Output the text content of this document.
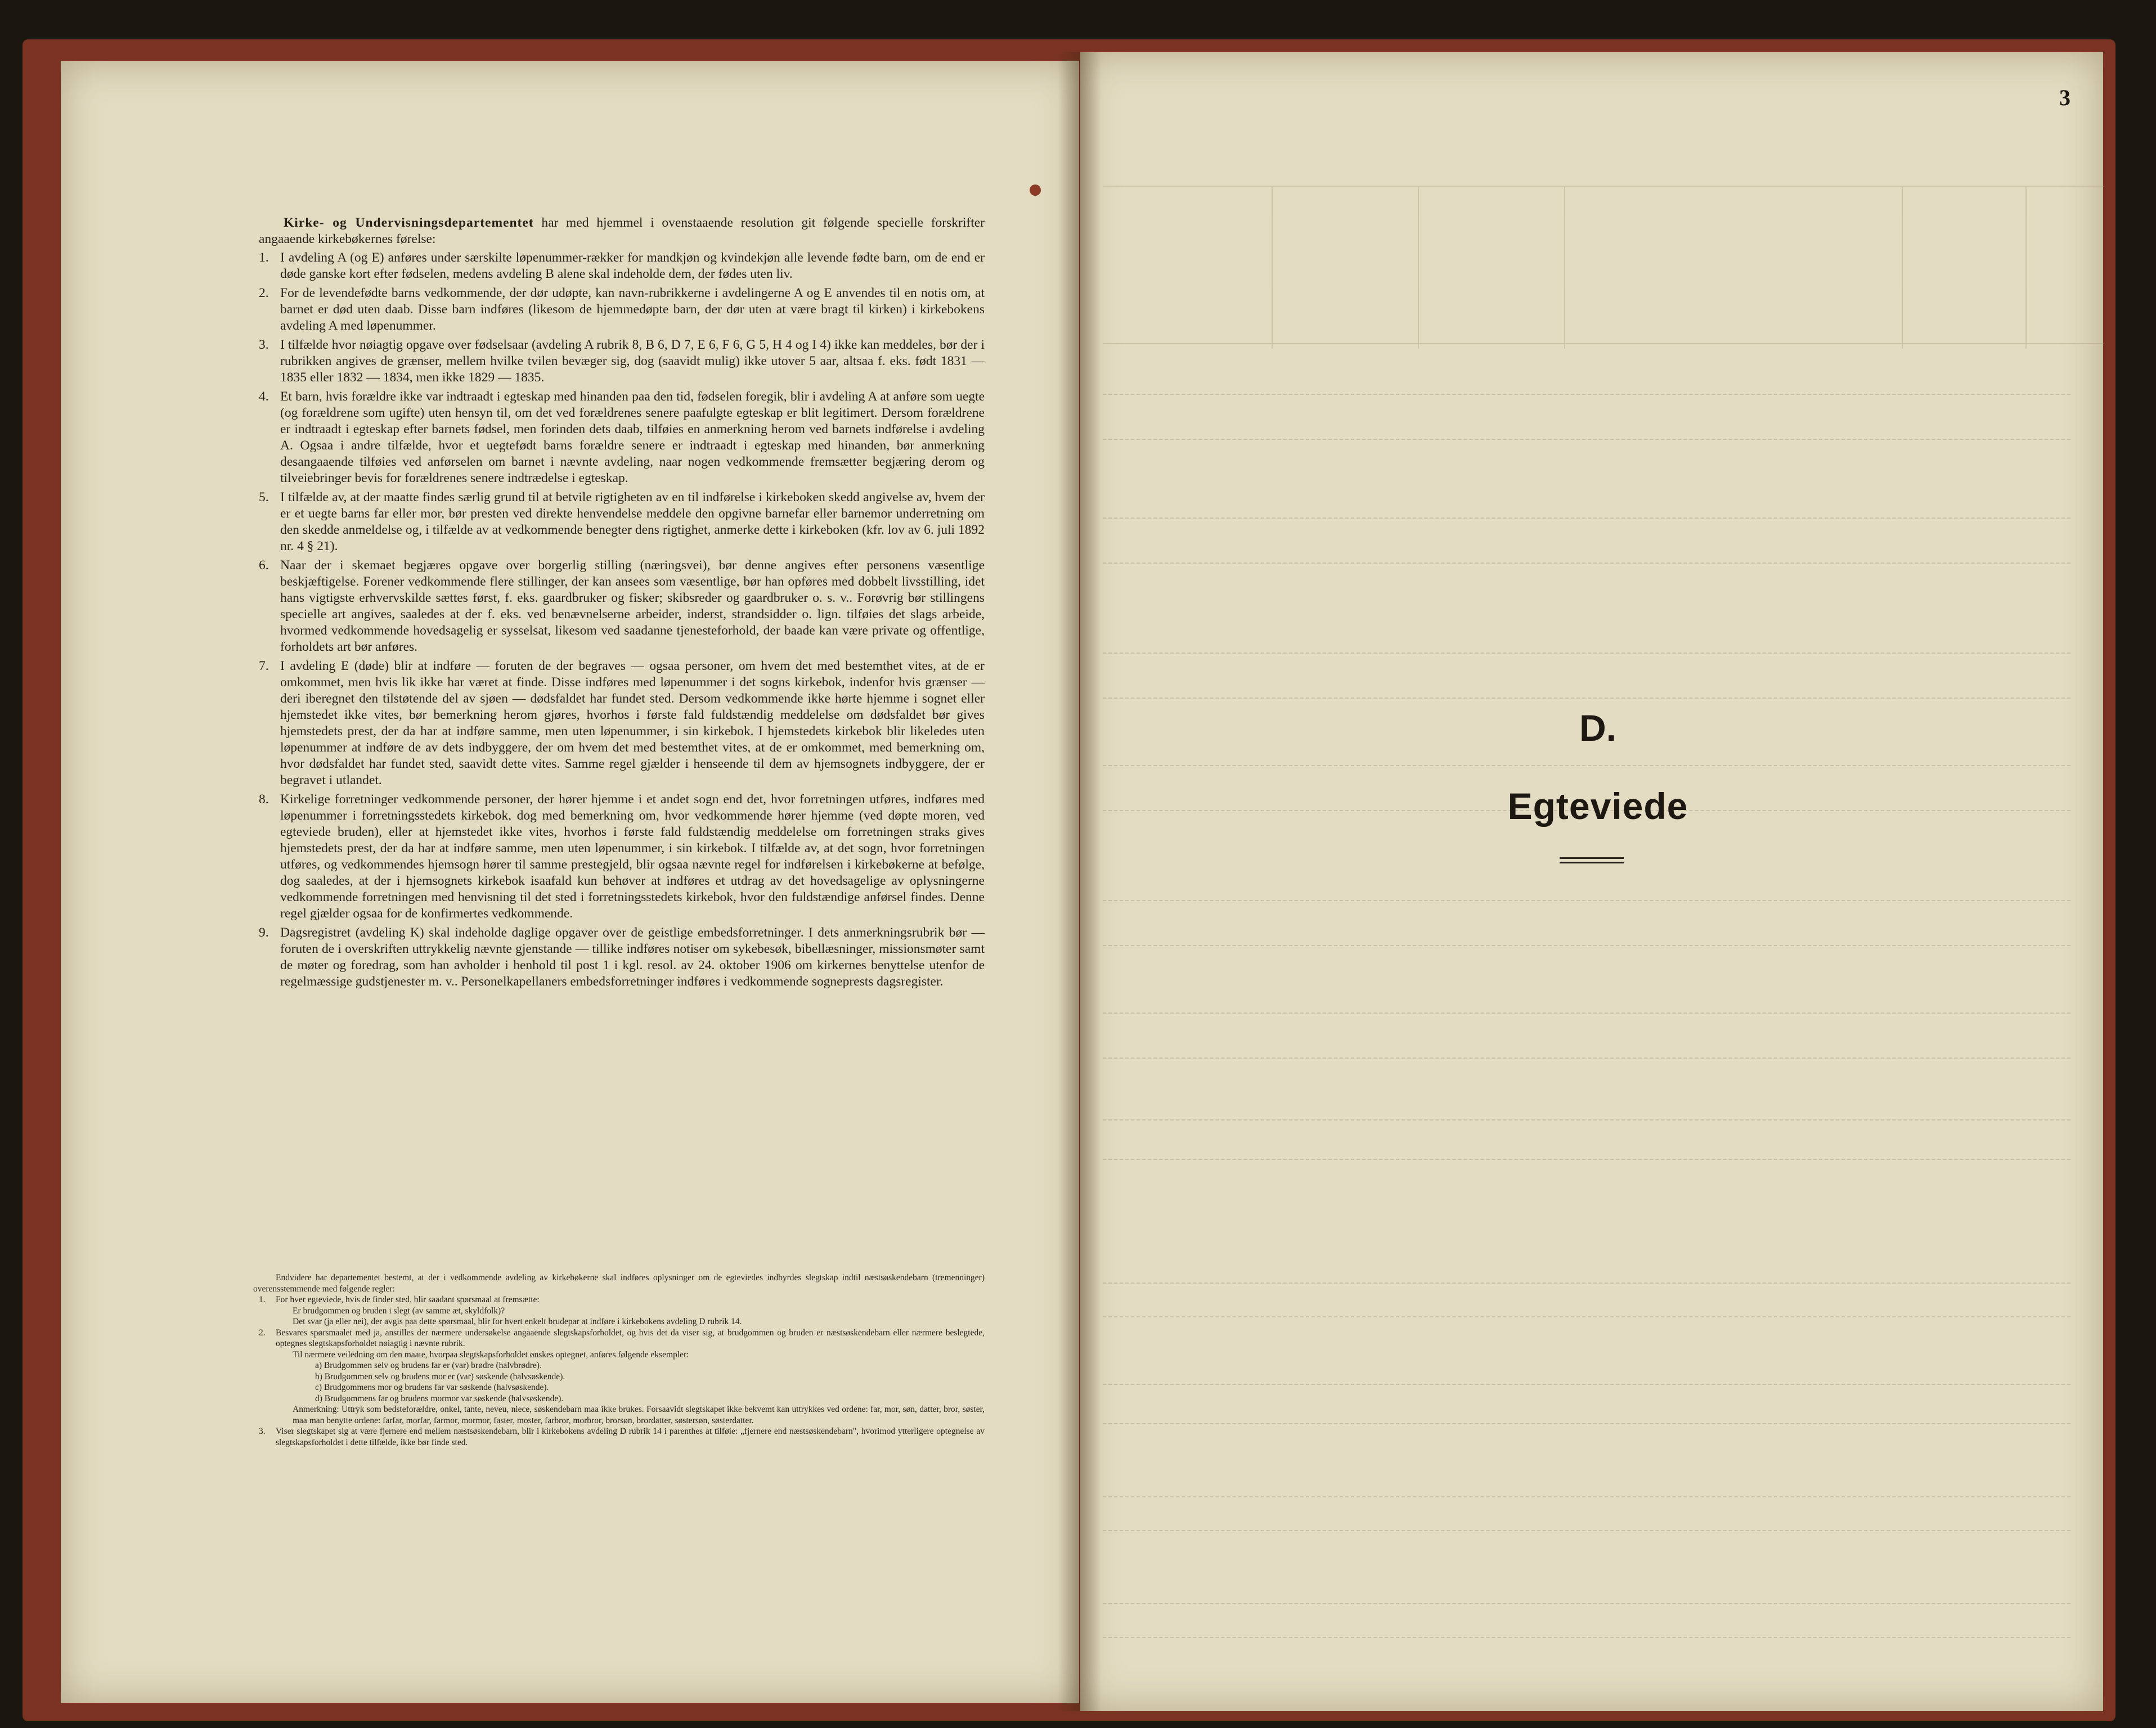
Kirke- og Undervisningsdepartementet har med hjemmel i ovenstaaende resolution git følgende specielle forskrifter angaaende kirkebøkernes førelse:

1. I avdeling A (og E) anføres under særskilte løpenummer-rækker for mandkjøn og kvindekjøn alle levende fødte barn, om de end er døde ganske kort efter fødselen, medens avdeling B alene skal indeholde dem, der fødes uten liv.
2. For de levendefødte barns vedkommende, der dør udøpte, kan navn-rubrikkerne i avdelingerne A og E anvendes til en notis om, at barnet er død uten daab. Disse barn indføres (likesom de hjemmedøpte barn, der dør uten at være bragt til kirken) i kirkebokens avdeling A med løpenummer.
3. I tilfælde hvor nøiagtig opgave over fødselsaar (avdeling A rubrik 8, B 6, D 7, E 6, F 6, G 5, H 4 og I 4) ikke kan meddeles, bør der i rubrikken angives de grænser, mellem hvilke tvilen bevæger sig, dog (saavidt mulig) ikke utover 5 aar, altsaa f. eks. født 1831 — 1835 eller 1832 — 1834, men ikke 1829 — 1835.
4. Et barn, hvis forældre ikke var indtraadt i egteskap med hinanden paa den tid, fødselen foregik, blir i avdeling A at anføre som uegte (og forældrene som ugifte) uten hensyn til, om det ved forældrenes senere paafulgte egteskap er blit legitimert. Dersom forældrene er indtraadt i egteskap efter barnets fødsel, men forinden dets daab, tilføies en anmerkning herom ved barnets indførelse i avdeling A. Ogsaa i andre tilfælde, hvor et uegtefødt barns forældre senere er indtraadt i egteskap med hinanden, bør anmerkning desangaaende tilføies ved anførselen om barnet i nævnte avdeling, naar nogen vedkommende fremsætter begjæring derom og tilveiebringer bevis for forældrenes senere indtrædelse i egteskap.
5. I tilfælde av, at der maatte findes særlig grund til at betvile rigtigheten av en til indførelse i kirkeboken skedd angivelse av, hvem der er et uegte barns far eller mor, bør presten ved direkte henvendelse meddele den opgivne barnefar eller barnemor underretning om den skedde anmeldelse og, i tilfælde av at vedkommende benegter dens rigtighet, anmerke dette i kirkeboken (kfr. lov av 6. juli 1892 nr. 4 § 21).
6. Naar der i skemaet begjæres opgave over borgerlig stilling (næringsvei), bør denne angives efter personens væsentlige beskjæftigelse. Forener vedkommende flere stillinger, der kan ansees som væsentlige, bør han opføres med dobbelt livsstilling, idet hans vigtigste erhvervskilde sættes først, f. eks. gaardbruker og fisker; skibsreder og gaardbruker o. s. v.. Forøvrig bør stillingens specielle art angives, saaledes at der f. eks. ved benævnelserne arbeider, inderst, strandsidder o. lign. tilføies det slags arbeide, hvormed vedkommende hovedsagelig er sysselsat, likesom ved saadanne tjenesteforhold, der baade kan være private og offentlige, forholdets art bør anføres.
7. I avdeling E (døde) blir at indføre — foruten de der begraves — ogsaa personer, om hvem det med bestemthet vites, at de er omkommet, men hvis lik ikke har været at finde. Disse indføres med løpenummer i det sogns kirkebok, indenfor hvis grænser — deri iberegnet den tilstøtende del av sjøen — dødsfaldet har fundet sted. Dersom vedkommende ikke hørte hjemme i sognet eller hjemstedet ikke vites, bør bemerkning herom gjøres, hvorhos i første fald fuldstændig meddelelse om dødsfaldet bør gives hjemstedets prest, der da har at indføre samme, men uten løpenummer, i sin kirkebok. I hjemstedets kirkebok blir likeledes uten løpenummer at indføre de av dets indbyggere, der om hvem det med bestemthet vites, at de er omkommet, med bemerkning om, hvor dødsfaldet har fundet sted, saavidt dette vites. Samme regel gjælder i henseende til dem av hjemsognets indbyggere, der er begravet i utlandet.
8. Kirkelige forretninger vedkommende personer, der hører hjemme i et andet sogn end det, hvor forretningen utføres, indføres med løpenummer i forretningsstedets kirkebok, dog med bemerkning om, hvor vedkommende hører hjemme (ved døpte moren, ved egteviede bruden), eller at hjemstedet ikke vites, hvorhos i første fald fuldstændig meddelelse om forretningen straks gives hjemstedets prest, der da har at indføre samme, men uten løpenummer, i sin kirkebok. I tilfælde av, at det sogn, hvor forretningen utføres, og vedkommendes hjemsogn hører til samme prestegjeld, blir ogsaa nævnte regel for indførelsen i kirkebøkerne at befølge, dog saaledes, at der i hjemsognets kirkebok isaafald kun behøver at indføres et utdrag av det hovedsagelige av oplysningerne vedkommende forretningen med henvisning til det sted i forretningsstedets kirkebok, hvor den fuldstændige anførsel findes. Denne regel gjælder ogsaa for de konfirmertes vedkommende.
9. Dagsregistret (avdeling K) skal indeholde daglige opgaver over de geistlige embedsforretninger. I dets anmerkningsrubrik bør — foruten de i overskriften uttrykkelig nævnte gjenstande — tillike indføres notiser om sykebesøk, bibellæsninger, missionsmøter samt de møter og foredrag, som han avholder i henhold til post 1 i kgl. resol. av 24. oktober 1906 om kirkernes benyttelse utenfor de regelmæssige gudstjenester m. v.. Personelkapellaners embedsforretninger indføres i vedkommende sogneprests dagsregister.

Endvidere har departementet bestemt, at der i vedkommende avdeling av kirkebøkerne skal indføres oplysninger om de egteviedes indbyrdes slegtskap indtil næstsøskendebarn (tremenninger) overensstemmende med følgende regler:

1.	For hver egteviede, hvis de finder sted, blir saadant spørsmaal at fremsætte:

Er brudgommen og bruden i slegt (av samme æt, skyldfolk)?

Det svar (ja eller nei), der avgis paa dette spørsmaal, blir for hvert enkelt brudepar at indføre i kirkebokens avdeling D rubrik 14.

2.	Besvares spørsmaalet med ja, anstilles der nærmere undersøkelse angaaende slegtskapsforholdet, og hvis det da viser sig, at brudgommen og bruden er næstsøskendebarn eller nærmere beslegtede, optegnes slegtskapsforholdet nøiagtig i nævnte rubrik.

Til nærmere veiledning om den maate, hvorpaa slegtskapsforholdet ønskes optegnet, anføres følgende eksempler:

a) Brudgommen selv og brudens far er (var) brødre (halvbrødre).

b) Brudgommen selv og brudens mor er (var) søskende (halvsøskende).

c) Brudgommens mor og brudens far var søskende (halvsøskende).

d) Brudgommens far og brudens mormor var søskende (halvsøskende).

Anmerkning: Uttryk som bedsteforældre, onkel, tante, neveu, niece, søskendebarn maa ikke brukes. Forsaavidt slegtskapet ikke bekvemt kan uttrykkes ved ordene: far, mor, søn, datter, bror, søster, maa man benytte ordene: farfar, morfar, farmor, mormor, faster, moster, farbror, morbror, brorsøn, brordatter, søstersøn, søsterdatter.

3.	Viser slegtskapet sig at være fjernere end mellem næstsøskendebarn, blir i kirkebokens avdeling D rubrik 14 i parenthes at tilføie: „fjernere end næstsøskendebarn", hvorimod ytterligere optegnelse av slegtskapsforholdet i dette tilfælde, ikke bør finde sted.
3
D.
Egteviede
